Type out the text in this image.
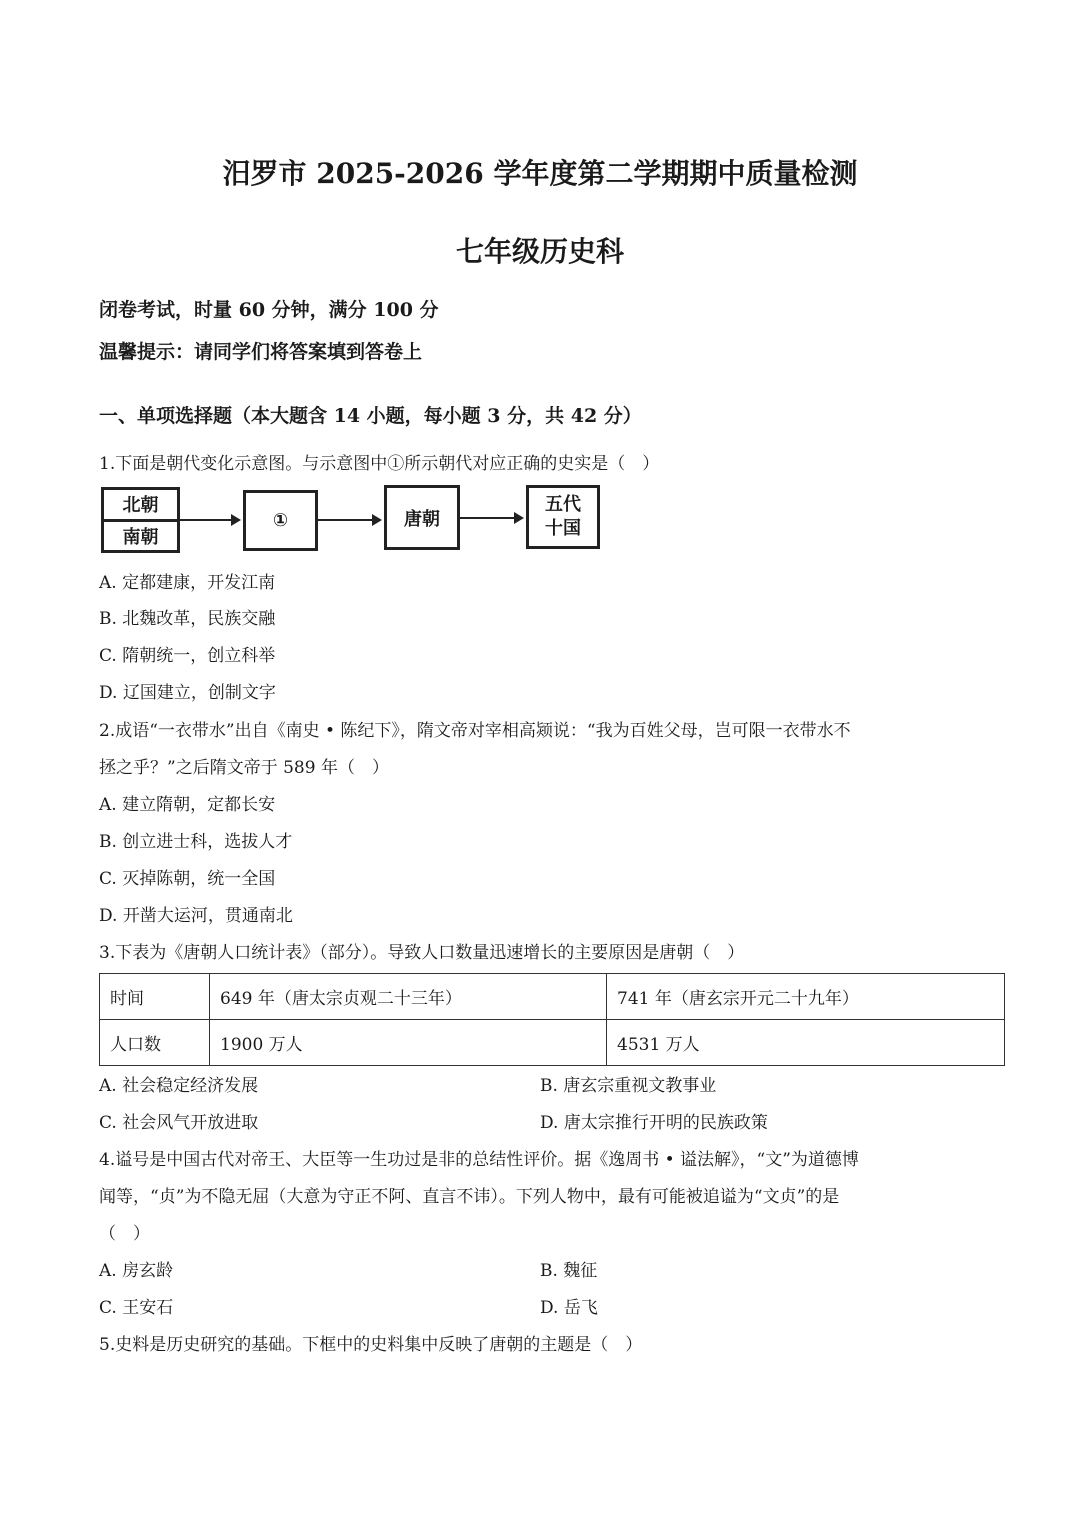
汨罗市 2025-2026 学年度第二学期期中质量检测
七年级历史科
闭卷考试，时量 60 分钟，满分 100 分
温馨提示：请同学们将答案填到答卷上
一、单项选择题（本大题含 14 小题，每小题 3 分，共 42 分）
1.下面是朝代变化示意图。与示意图中①所示朝代对应正确的史实是（　）
北朝
南朝
①	唐朝
五代
十国
A. 定都建康，开发江南
B. 北魏改革，民族交融
C. 隋朝统一，创立科举
D. 辽国建立，创制文字
2.成语“一衣带水”出自《南史 • 陈纪下》，隋文帝对宰相高颎说：“我为百姓父母，岂可限一衣带水不
拯之乎？”之后隋文帝于 589 年（　）
A. 建立隋朝，定都长安
B. 创立进士科，选拔人才
C. 灭掉陈朝，统一全国
D. 开凿大运河，贯通南北
3.下表为《唐朝人口统计表》（部分）。导致人口数量迅速增长的主要原因是唐朝（　）
时间	649 年（唐太宗贞观二十三年）	741 年（唐玄宗开元二十九年）
人口数	1900 万人	4531 万人
A. 社会稳定经济发展	B. 唐玄宗重视文教事业
C. 社会风气开放进取	D. 唐太宗推行开明的民族政策
4.谥号是中国古代对帝王、大臣等一生功过是非的总结性评价。据《逸周书 • 谥法解》，“文”为道德博
闻等，“贞”为不隐无屈（大意为守正不阿、直言不讳）。下列人物中，最有可能被追谥为“文贞”的是
（　）
A. 房玄龄	B. 魏征
C. 王安石	D. 岳飞
5.史料是历史研究的基础。下框中的史料集中反映了唐朝的主题是（　）
